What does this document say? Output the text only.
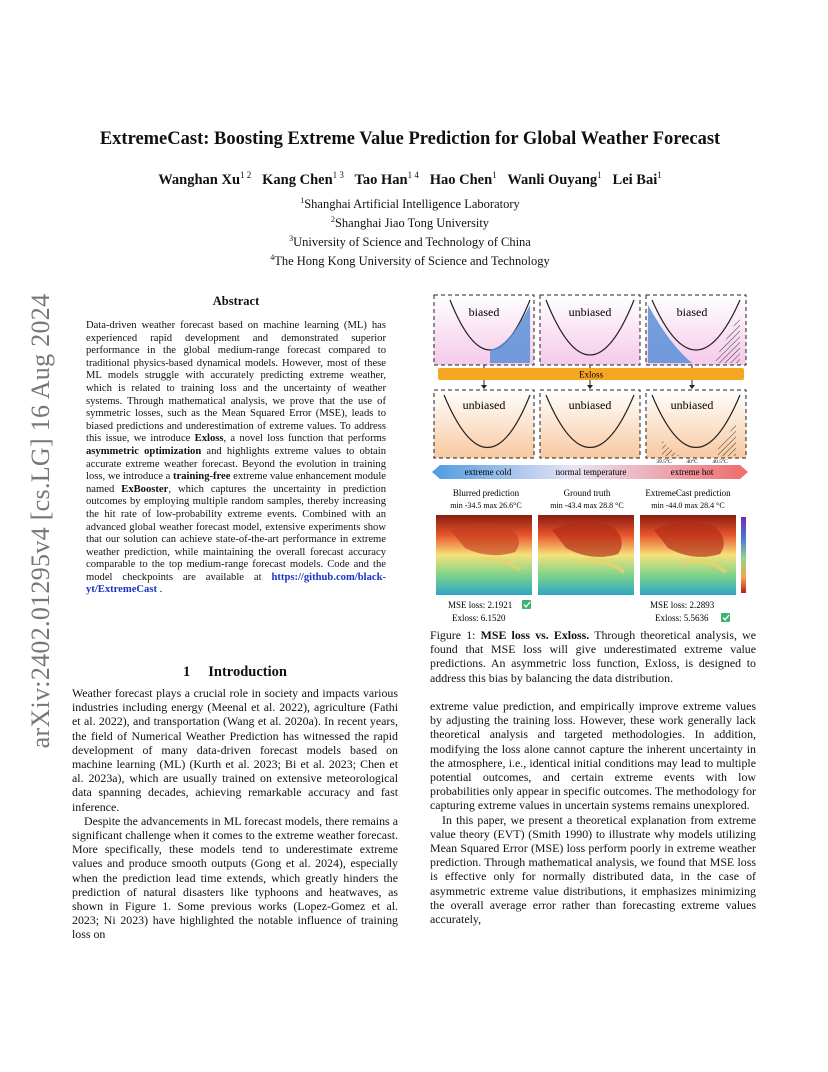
arXiv:2402.01295v4 [cs.LG] 16 Aug 2024
ExtremeCast: Boosting Extreme Value Prediction for Global Weather Forecast
Wanghan $Xu^{1 2}$ Kang Chen$^{1 3}$ Tao Han$^{1 4}$ Hao Chen$^1$ Wanli Ouyang$^1$ Lei Bai$^1$
$^1$Shanghai Artificial Intelligence Laboratory
$^2$Shanghai Jiao Tong University
$^3$University of Science and Technology of China
$^4$The Hong Kong University of Science and Technology
Abstract
Data-driven weather forecast based on machine learning (ML) has experienced rapid development and demonstrated superior performance in the global medium-range forecast compared to traditional physics-based dynamical models. However, most of these ML models struggle with accurately predicting extreme weather, which is related to training loss and the uncertainty of weather systems. Through mathematical analysis, we prove that the use of symmetric losses, such as the Mean Squared Error (MSE), leads to biased predictions and underestimation of extreme values. To address this issue, we introduce Exloss, a novel loss function that performs asymmetric optimization and highlights extreme values to obtain accurate extreme weather forecast. Beyond the evolution in training loss, we introduce a training-free extreme value enhancement module named ExBooster, which captures the uncertainty in prediction outcomes by employing multiple random samples, thereby increasing the hit rate of low-probability extreme events. Combined with an advanced global weather forecast model, extensive experiments show that our solution can achieve state-of-the-art performance in extreme weather prediction, while maintaining the overall forecast accuracy comparable to the top medium-range forecast models. Code and the model checkpoints are available at https://github.com/black-yt/ExtremeCast .
1 Introduction

Weather forecast plays a crucial role in society and impacts various industries including energy (Meenal et al. 2022), agriculture (Fathi et al. 2022), and transportation (Wang et al. 2020a). In recent years, the field of Numerical Weather Prediction has witnessed the rapid development of many data-driven forecast models based on machine learning (ML) (Kurth et al. 2023; Bi et al. 2023; Chen et al. 2023a), which are usually trained on extensive meteorological data spanning decades, achieving remarkable accuracy and fast inference.

Despite the advancements in ML forecast models, there remains a significant challenge when it comes to the extreme weather forecast. More specifically, these models tend to underestimate extreme values and produce smooth outputs (Gong et al. 2024), especially when the prediction lead time extends, which greatly hinders the prediction of natural disasters like typhoons and heatwaves, as shown in Figure 1. Some previous works (Lopez-Gomez et al. 2023; Ni 2023) have highlighted the notable influence of training loss on

extreme value prediction, and empirically improve extreme values by adjusting the training loss. However, these work generally lack theoretical analysis and targeted methodologies. In addition, modifying the loss alone cannot capture the inherent uncertainty in the atmosphere, i.e., identical initial conditions may lead to multiple potential outcomes, and certain extreme events with low probabilities only appear in specific outcomes. The methodology for capturing extreme values in uncertain systems remains unexplored.

In this paper, we present a theoretical explanation from extreme value theory (EVT) (Smith 1990) to illustrate why models utilizing Mean Squared Error (MSE) loss perform poorly in extreme weather prediction. Through mathematical analysis, we found that MSE loss is effective only for normally distributed data, in the case of asymmetric extreme value distributions, it emphasizes minimizing the overall average error rather than forecasting extreme values accurately,

biased	unbiased	biased
Exloss
unbiased	unbiased	unbiased
39.5°C	40°C	40.5°C
extreme cold	normal temperature	extreme hot
Blurred prediction
min -34.5 max 26.6°C
Ground truth
min -43.4 max 28.8 °C
ExtremeCast prediction
min -44.0 max 28.4 °C
MSE loss: 2.1921
Exloss: 6.1520
MSE loss: 2.2893
Exloss: 5.5636
Figure 1: MSE loss vs. Exloss. Through theoretical analysis, we found that MSE loss will give underestimated extreme value predictions. An asymmetric loss function, Exloss, is designed to address this bias by balancing the data distribution.
